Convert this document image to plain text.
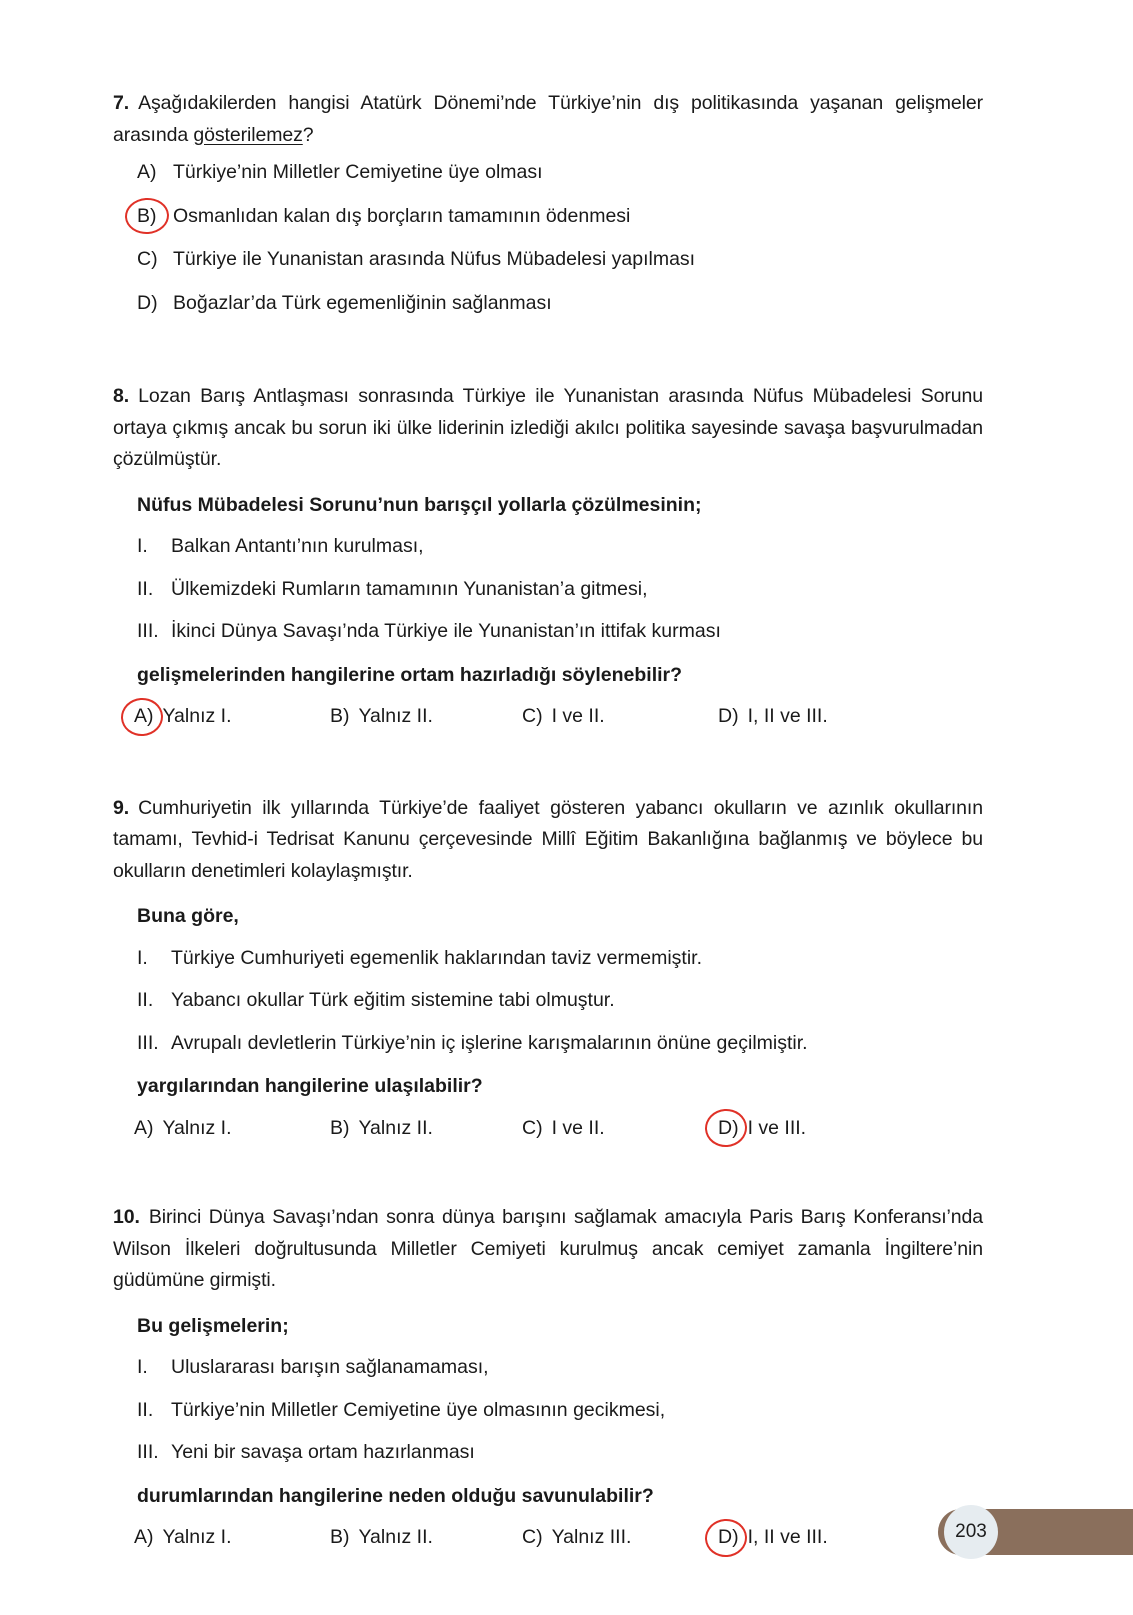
7. Aşağıdakilerden hangisi Atatürk Dönemi’nde Türkiye’nin dış politikasında yaşanan gelişmeler arasında gösterilemez?

A) Türkiye’nin Milletler Cemiyetine üye olması
B) Osmanlıdan kalan dış borçların tamamının ödenmesi
C) Türkiye ile Yunanistan arasında Nüfus Mübadelesi yapılması
D) Boğazlar’da Türk egemenliğinin sağlanması

8. Lozan Barış Antlaşması sonrasında Türkiye ile Yunanistan arasında Nüfus Mübadelesi Sorunu ortaya çıkmış ancak bu sorun iki ülke liderinin izlediği akılcı politika sayesinde savaşa başvurulmadan çözülmüştür.

Nüfus Mübadelesi Sorunu’nun barışçıl yollarla çözülmesinin;

I.	Balkan Antantı’nın kurulması,
II. Ülkemizdeki Rumların tamamının Yunanistan’a gitmesi,
III. İkinci Dünya Savaşı’nda Türkiye ile Yunanistan’ın ittifak kurması

gelişmelerinden hangilerine ortam hazırladığı söylenebilir?

A) Yalnız I.	B) Yalnız II.	C) I ve II.	D) I, II ve III.

9. Cumhuriyetin ilk yıllarında Türkiye’de faaliyet gösteren yabancı okulların ve azınlık okullarının tamamı, Tevhid-i Tedrisat Kanunu çerçevesinde Millî Eğitim Bakanlığına bağlanmış ve böylece bu okulların denetimleri kolaylaşmıştır.

Buna göre,

I.	Türkiye Cumhuriyeti egemenlik haklarından taviz vermemiştir.
II. Yabancı okullar Türk eğitim sistemine tabi olmuştur.
III. Avrupalı devletlerin Türkiye’nin iç işlerine karışmalarının önüne geçilmiştir.

yargılarından hangilerine ulaşılabilir?

A) Yalnız I.	B) Yalnız II.	C) I ve II.	D) I ve III.

10. Birinci Dünya Savaşı’ndan sonra dünya barışını sağlamak amacıyla Paris Barış Konferansı’nda Wilson İlkeleri doğrultusunda Milletler Cemiyeti kurulmuş ancak cemiyet zamanla İngiltere’nin güdümüne girmişti.

Bu gelişmelerin;

I.	Uluslararası barışın sağlanamaması,
II. Türkiye’nin Milletler Cemiyetine üye olmasının gecikmesi,
III. Yeni bir savaşa ortam hazırlanması

durumlarından hangilerine neden olduğu savunulabilir?

A) Yalnız I.	B) Yalnız II.	C) Yalnız III.	D) I, II ve III.	203
